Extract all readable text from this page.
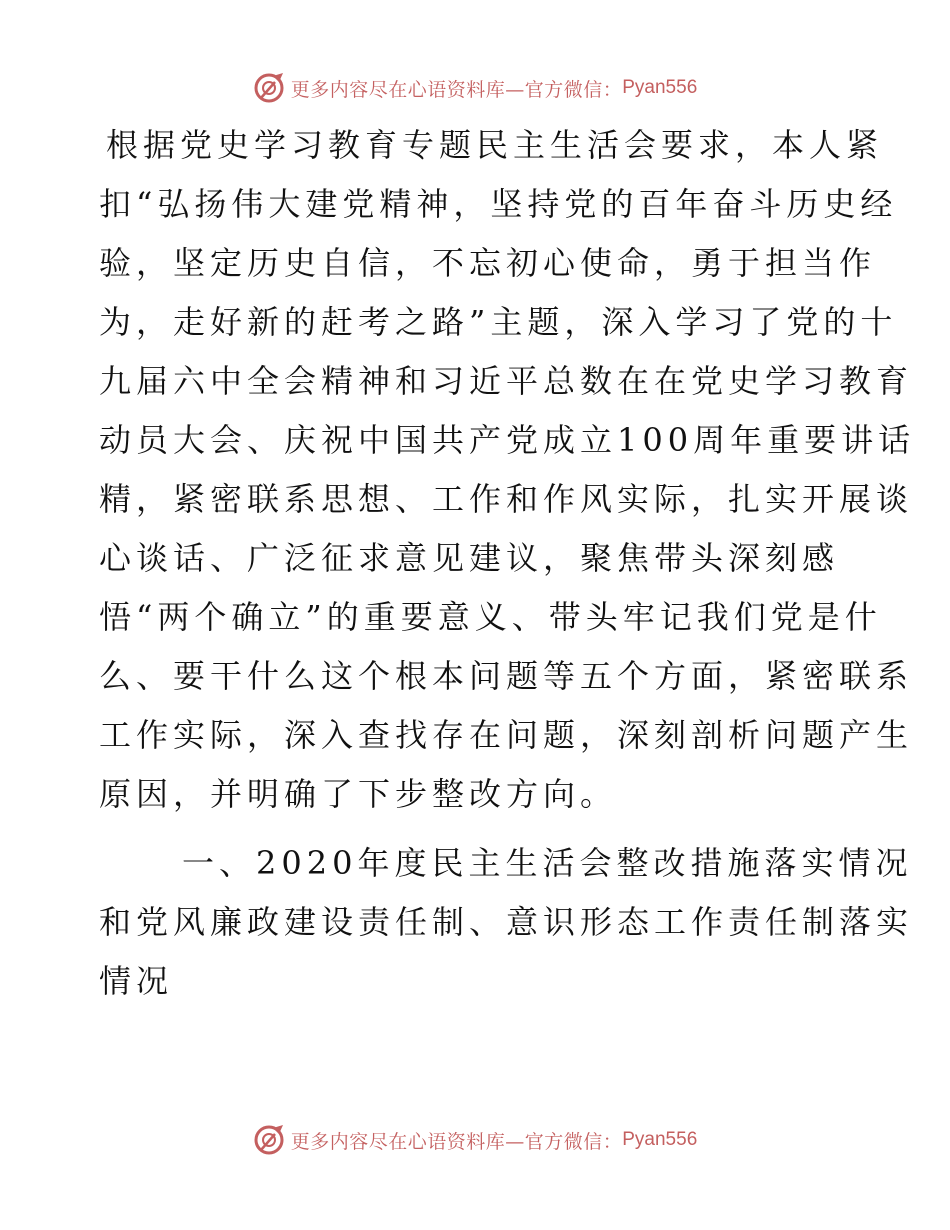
更多内容尽在心语资料库—官方微信： Pyan556

根据党史学习教育专题民主生活会要求，本人紧

扣“弘扬伟大建党精神，坚持党的百年奋斗历史经

验，坚定历史自信，不忘初心使命，勇于担当作

为，走好新的赶考之路”主题，深入学习了党的十

九届六中全会精神和习近平总数在在党史学习教育

动员大会、庆祝中国共产党成立100周年重要讲话

精，紧密联系思想、工作和作风实际，扎实开展谈

心谈话、广泛征求意见建议，聚焦带头深刻感

悟“两个确立”的重要意义、带头牢记我们党是什

么、要干什么这个根本问题等五个方面，紧密联系

工作实际，深入查找存在问题，深刻剖析问题产生

原因，并明确了下步整改方向。

一、2020年度民主生活会整改措施落实情况

和党风廉政建设责任制、意识形态工作责任制落实

情况

更多内容尽在心语资料库—官方微信： Pyan556
